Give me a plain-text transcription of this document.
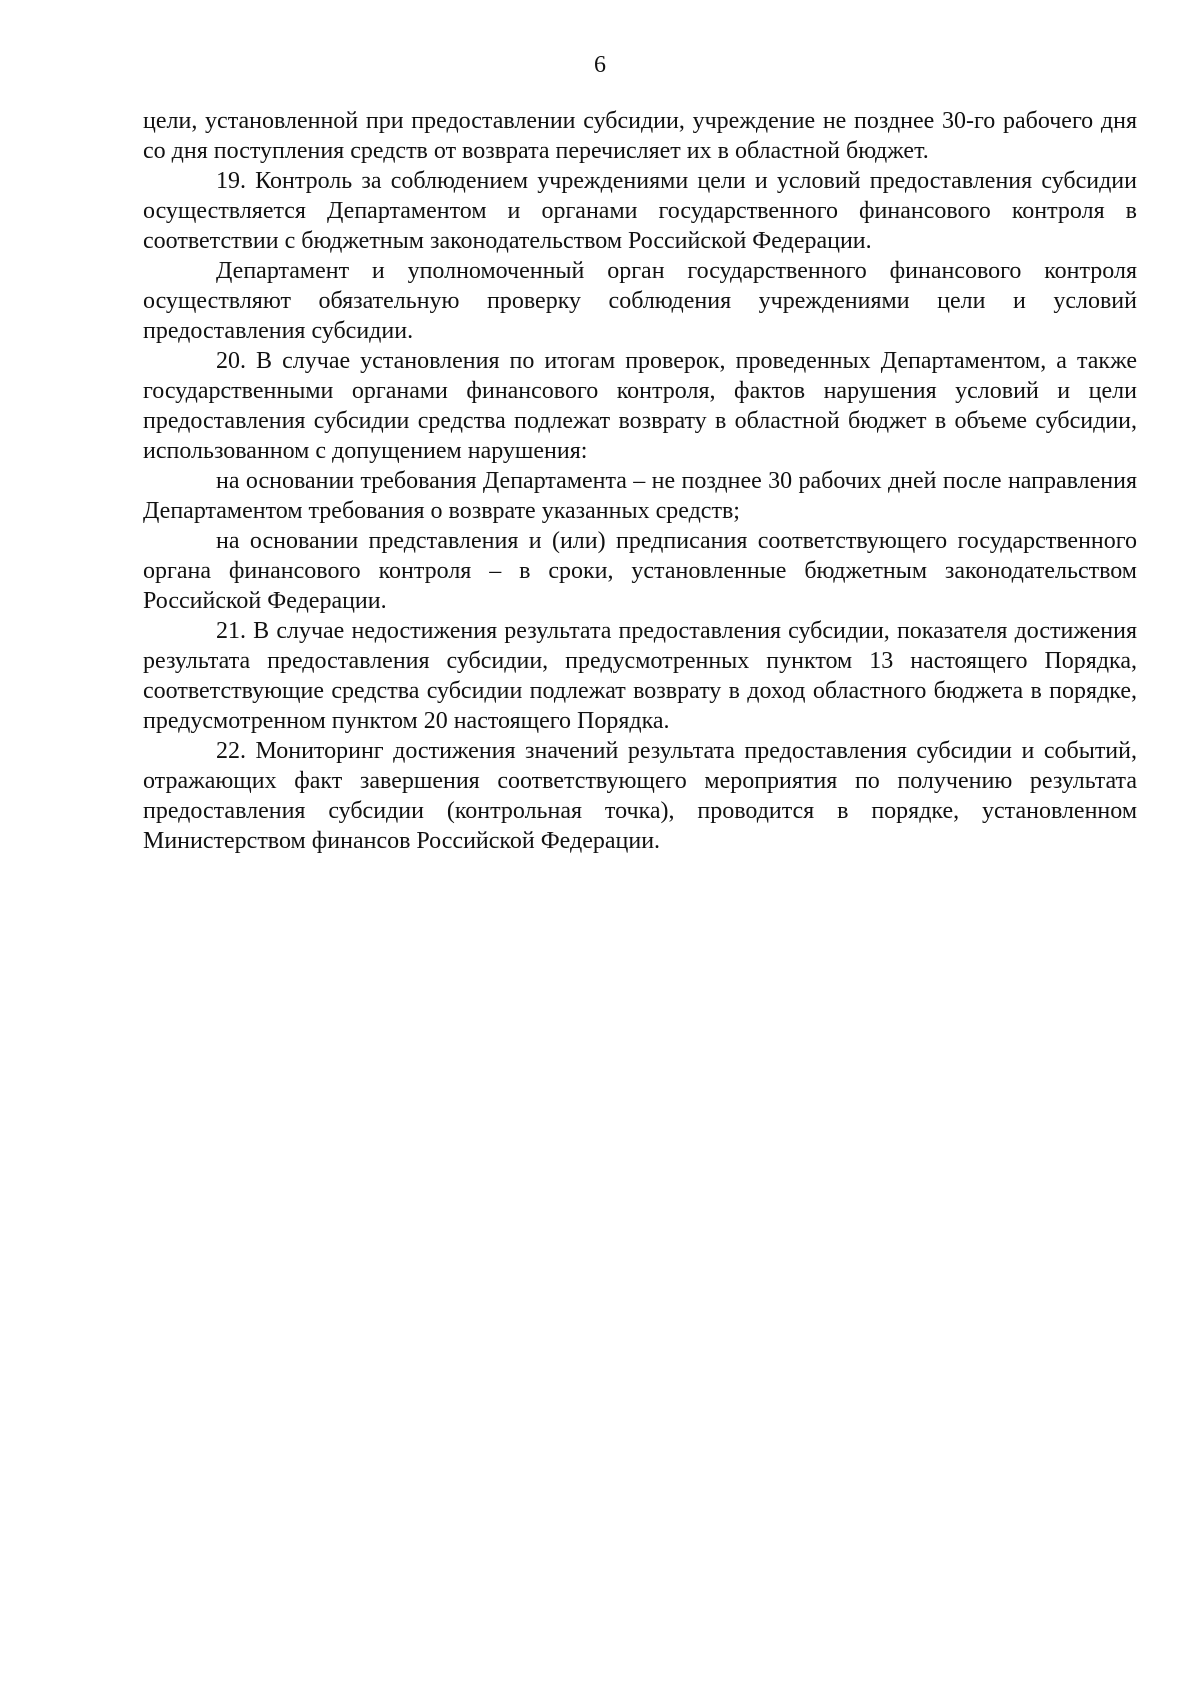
6

цели, установленной при предоставлении субсидии, учреждение не позднее 30-го рабочего дня со дня поступления средств от возврата перечисляет их в областной бюджет.

19. Контроль за соблюдением учреждениями цели и условий предоставления субсидии осуществляется Департаментом и органами государственного финансового контроля в соответствии с бюджетным законодательством Российской Федерации.

Департамент и уполномоченный орган государственного финансового контроля осуществляют обязательную проверку соблюдения учреждениями цели и условий предоставления субсидии.

20. В случае установления по итогам проверок, проведенных Департаментом, а также государственными органами финансового контроля, фактов нарушения условий и цели предоставления субсидии средства подлежат возврату в областной бюджет в объеме субсидии, использованном с допущением нарушения:

на основании требования Департамента – не позднее 30 рабочих дней после направления Департаментом требования о возврате указанных средств;

на основании представления и (или) предписания соответствующего государственного органа финансового контроля – в сроки, установленные бюджетным законодательством Российской Федерации.

21. В случае недостижения результата предоставления субсидии, показателя достижения результата предоставления субсидии, предусмотренных пунктом 13 настоящего Порядка, соответствующие средства субсидии подлежат возврату в доход областного бюджета в порядке, предусмотренном пунктом 20 настоящего Порядка.

22. Мониторинг достижения значений результата предоставления субсидии и событий, отражающих факт завершения соответствующего мероприятия по получению результата предоставления субсидии (контрольная точка), проводится в порядке, установленном Министерством финансов Российской Федерации.
